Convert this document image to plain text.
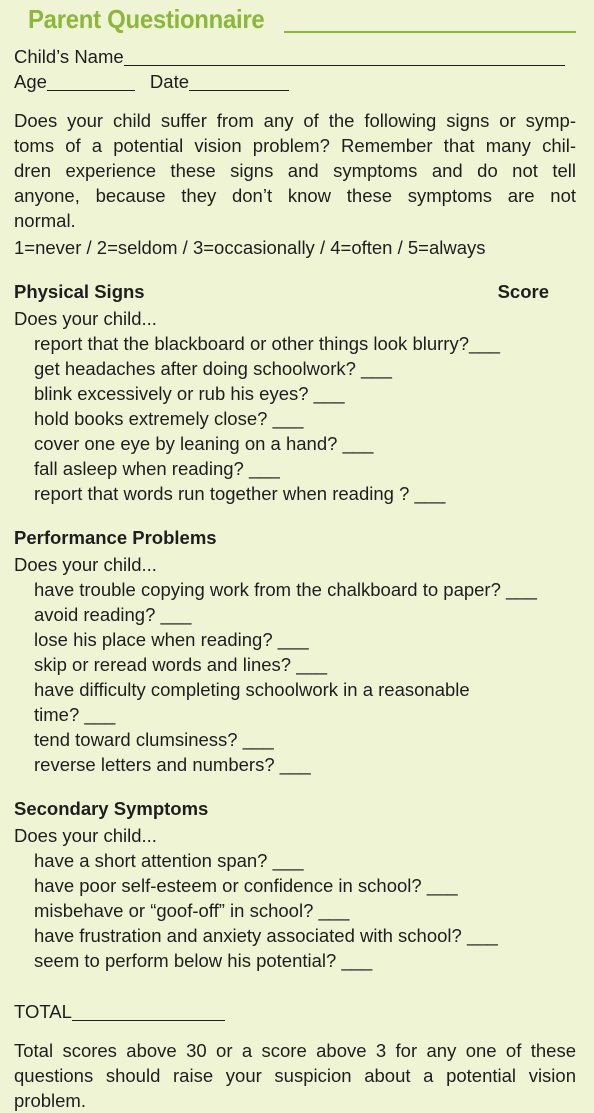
Parent Questionnaire
Child’s Name
Age	Date
Does your child suffer from any of the following signs or symp-
toms of a potential vision problem? Remember that many chil-
dren experience these signs and symptoms and do not tell
anyone, because they don’t know these symptoms are not
normal.
1=never / 2=seldom / 3=occasionally / 4=often / 5=always
Physical Signs	Score
Does your child...
report that the blackboard or other things look blurry?___
get headaches after doing schoolwork? ___
blink excessively or rub his eyes? ___
hold books extremely close? ___
cover one eye by leaning on a hand? ___
fall asleep when reading? ___
report that words run together when reading ? ___
Performance Problems
Does your child...
have trouble copying work from the chalkboard to paper? ___
avoid reading? ___
lose his place when reading? ___
skip or reread words and lines? ___
have difficulty completing schoolwork in a reasonable
time? ___
tend toward clumsiness? ___
reverse letters and numbers? ___
Secondary Symptoms
Does your child...
have a short attention span? ___
have poor self-esteem or confidence in school? ___
misbehave or “goof-off” in school? ___
have frustration and anxiety associated with school? ___
seem to perform below his potential? ___
TOTAL
Total scores above 30 or a score above 3 for any one of these
questions should raise your suspicion about a potential vision
problem.
